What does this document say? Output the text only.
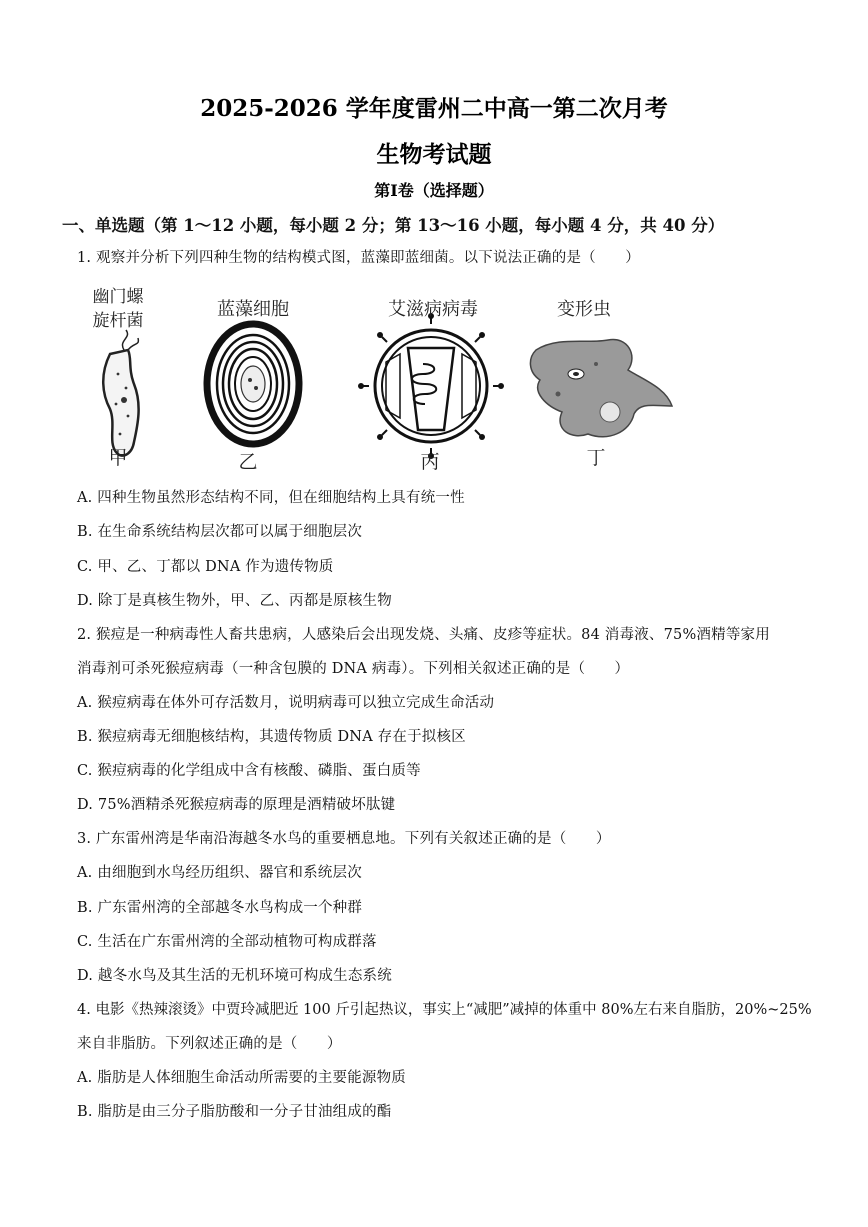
2025-2026 学年度雷州二中高一第二次月考
生物考试题
第Ⅰ卷（选择题）
一、单选题（第 1～12 小题，每小题 2 分；第 13～16 小题，每小题 4 分，共 40 分）
1. 观察并分析下列四种生物的结构模式图，蓝藻即蓝细菌。以下说法正确的是（　　）
幽门螺
旋杆菌
甲
蓝藻细胞
乙
艾滋病病毒
丙
变形虫
丁
A. 四种生物虽然形态结构不同，但在细胞结构上具有统一性
B. 在生命系统结构层次都可以属于细胞层次
C. 甲、乙、丁都以 DNA 作为遗传物质
D. 除丁是真核生物外，甲、乙、丙都是原核生物
2. 猴痘是一种病毒性人畜共患病，人感染后会出现发烧、头痛、皮疹等症状。84 消毒液、75%酒精等家用
消毒剂可杀死猴痘病毒（一种含包膜的 DNA 病毒）。下列相关叙述正确的是（　　）
A. 猴痘病毒在体外可存活数月，说明病毒可以独立完成生命活动
B. 猴痘病毒无细胞核结构，其遗传物质 DNA 存在于拟核区
C. 猴痘病毒的化学组成中含有核酸、磷脂、蛋白质等
D. 75%酒精杀死猴痘病毒的原理是酒精破坏肽键
3. 广东雷州湾是华南沿海越冬水鸟的重要栖息地。下列有关叙述正确的是（　　）
A. 由细胞到水鸟经历组织、器官和系统层次
B. 广东雷州湾的全部越冬水鸟构成一个种群
C. 生活在广东雷州湾的全部动植物可构成群落
D. 越冬水鸟及其生活的无机环境可构成生态系统
4. 电影《热辣滚烫》中贾玲减肥近 100 斤引起热议，事实上“减肥”减掉的体重中 80%左右来自脂肪，20%~25%
来自非脂肪。下列叙述正确的是（　　）
A. 脂肪是人体细胞生命活动所需要的主要能源物质
B. 脂肪是由三分子脂肪酸和一分子甘油组成的酯
